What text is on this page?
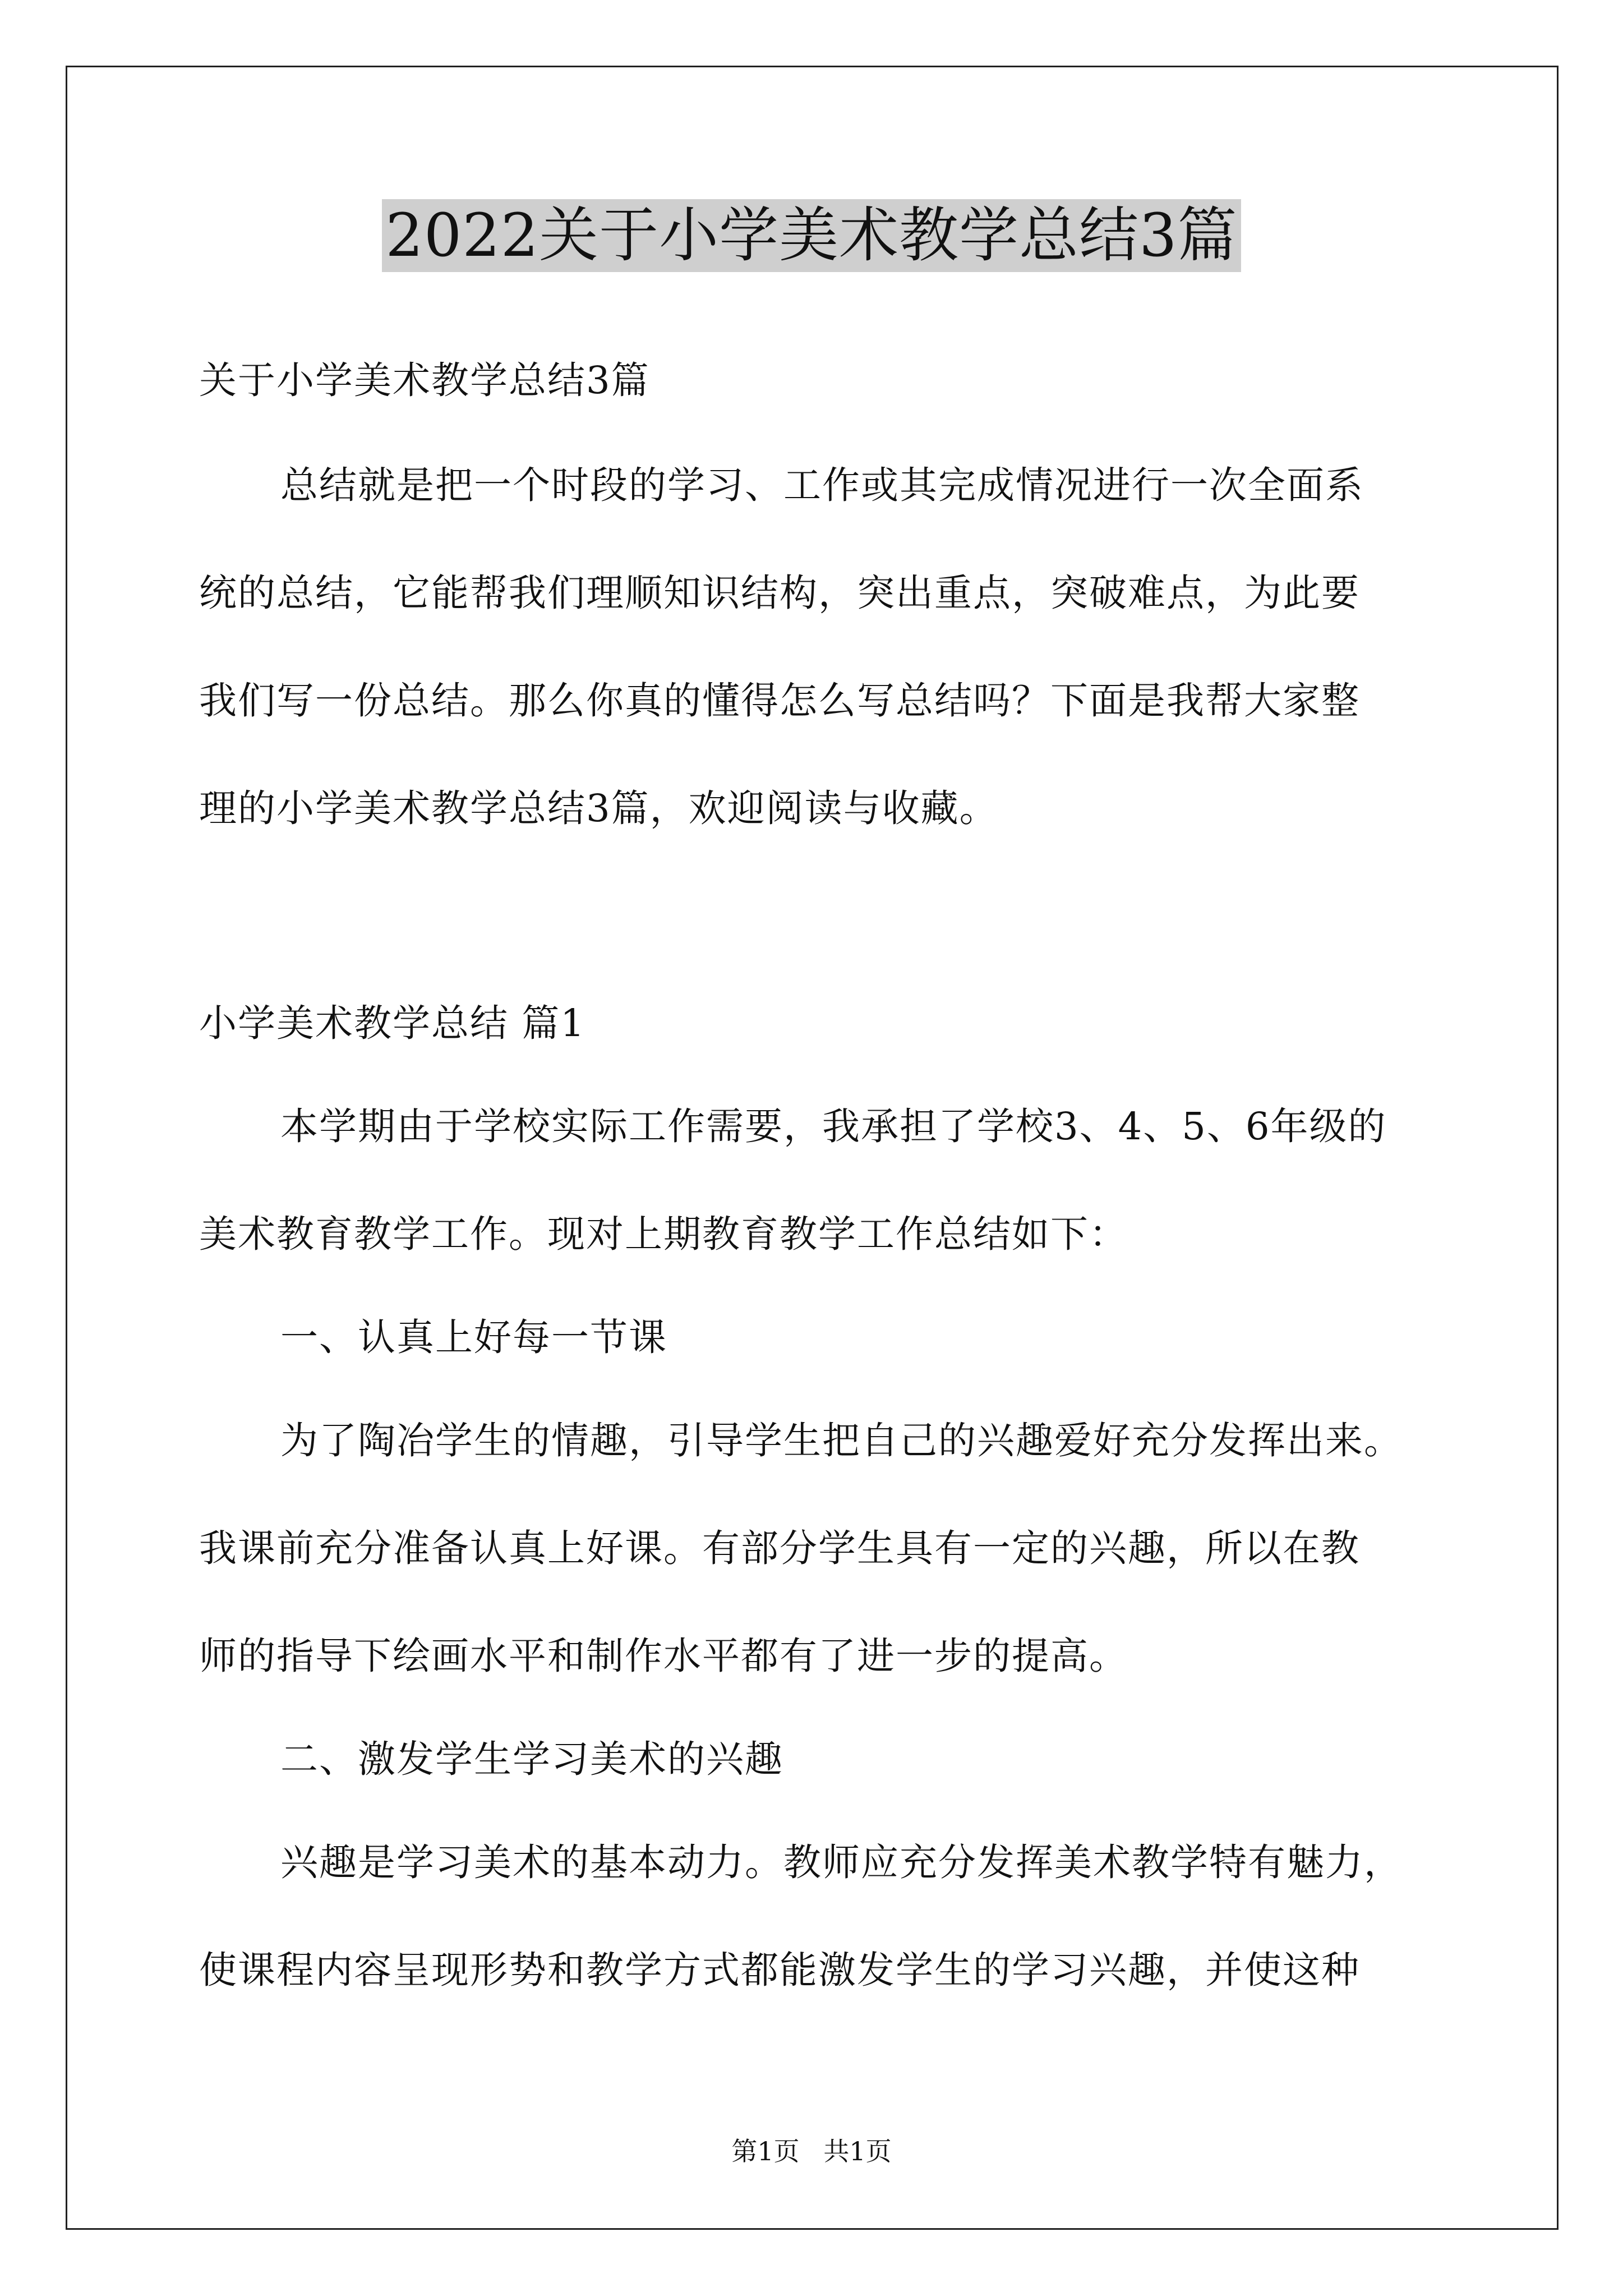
2022关于小学美术教学总结3篇
关于小学美术教学总结3篇
总结就是把一个时段的学习、工作或其完成情况进行一次全面系
统的总结，它能帮我们理顺知识结构，突出重点，突破难点，为此要
我们写一份总结。那么你真的懂得怎么写总结吗？下面是我帮大家整
理的小学美术教学总结3篇，欢迎阅读与收藏。
小学美术教学总结 篇1
本学期由于学校实际工作需要，我承担了学校3、4、5、6年级的
美术教育教学工作。现对上期教育教学工作总结如下：
一、认真上好每一节课
为了陶冶学生的情趣，引导学生把自己的兴趣爱好充分发挥出来。
我课前充分准备认真上好课。有部分学生具有一定的兴趣，所以在教
师的指导下绘画水平和制作水平都有了进一步的提高。
二、激发学生学习美术的兴趣
兴趣是学习美术的基本动力。教师应充分发挥美术教学特有魅力，
使课程内容呈现形势和教学方式都能激发学生的学习兴趣，并使这种
第1页 共1页
